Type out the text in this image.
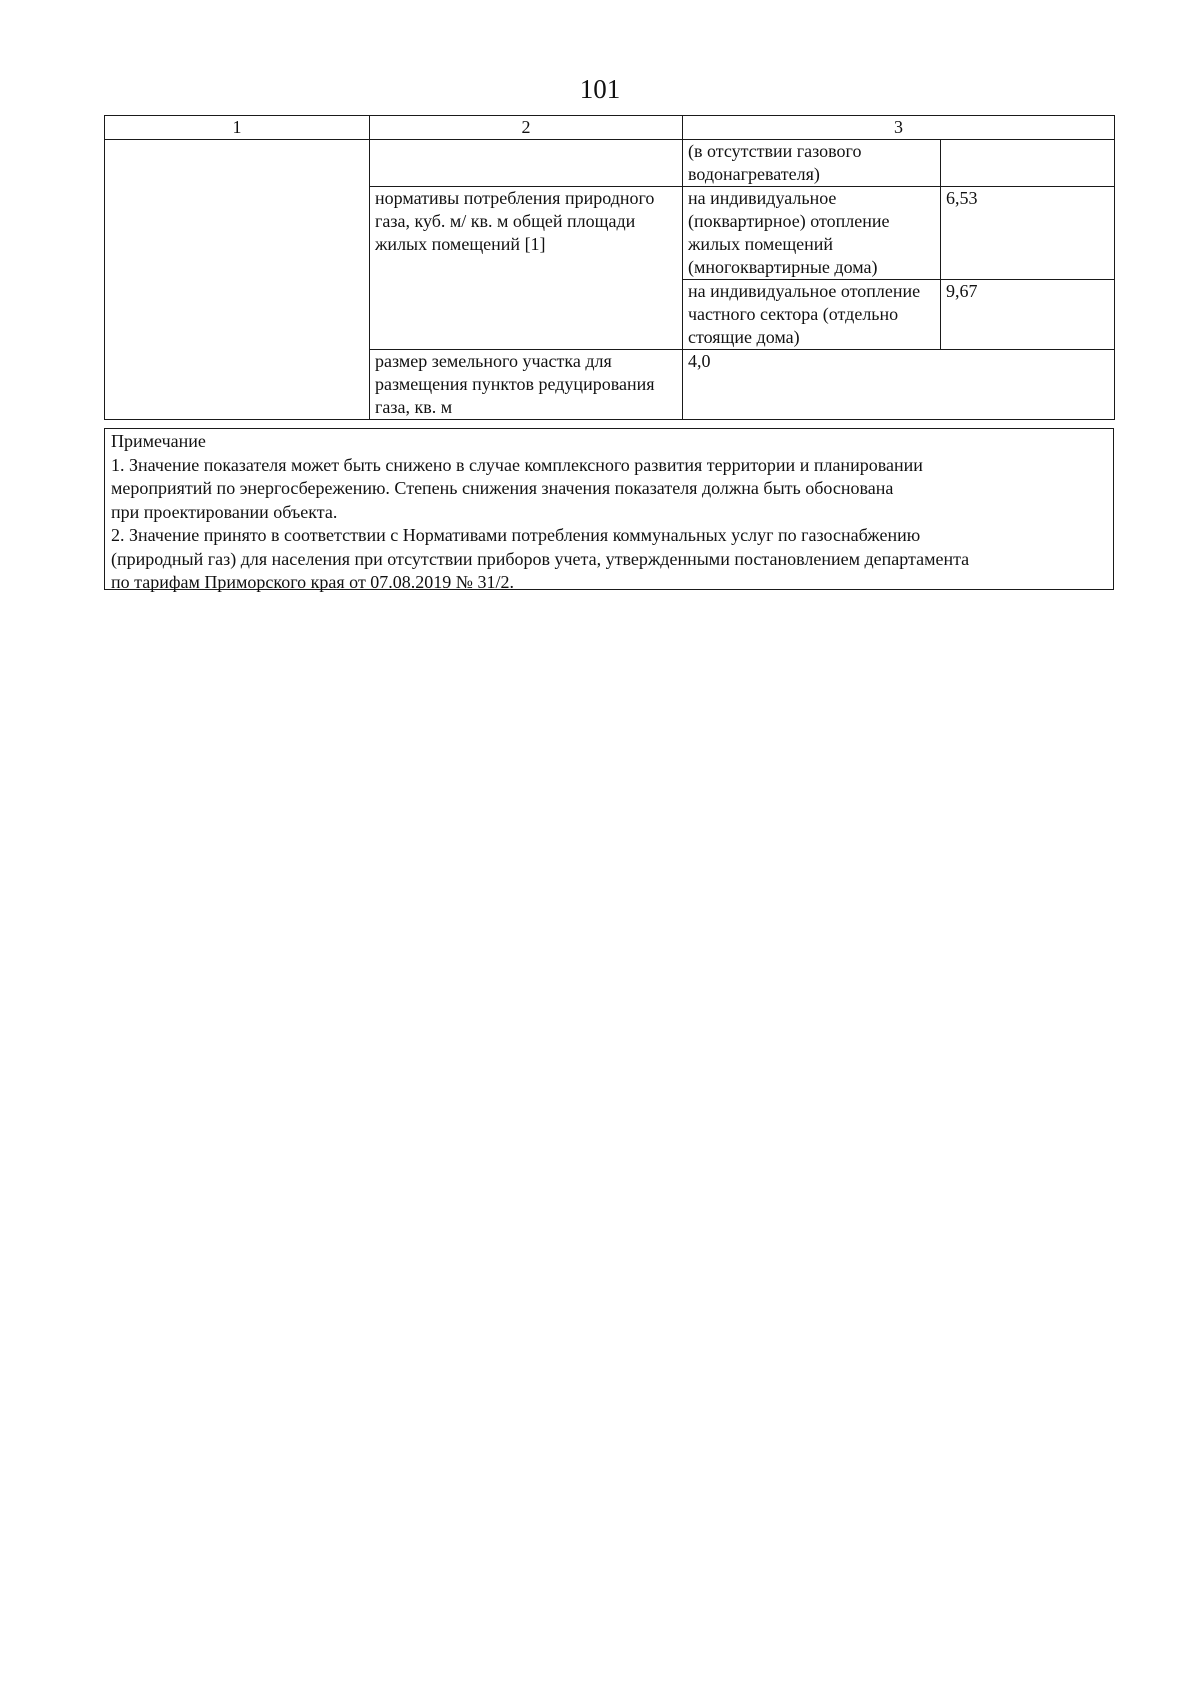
101
1	2	3	
		(в отсутствии газового водонагревателя)	
	нормативы потребления природного газа, куб. м/ кв. м общей площади жилых помещений [1]	на индивидуальное (поквартирное) отопление жилых помещений (многоквартирные дома)	6,53
		на индивидуальное отопление частного сектора (отдельно стоящие дома)	9,67
	размер земельного участка для размещения пунктов редуцирования газа, кв. м	4,0	
Примечание
1. Значение показателя может быть снижено в случае комплексного развития территории и планировании
мероприятий по энергосбережению. Степень снижения значения показателя должна быть обоснована
при проектировании объекта.
2. Значение принято в соответствии с Нормативами потребления коммунальных услуг по газоснабжению
(природный газ) для населения при отсутствии приборов учета, утвержденными постановлением департамента
по тарифам Приморского края от 07.08.2019 № 31/2.
